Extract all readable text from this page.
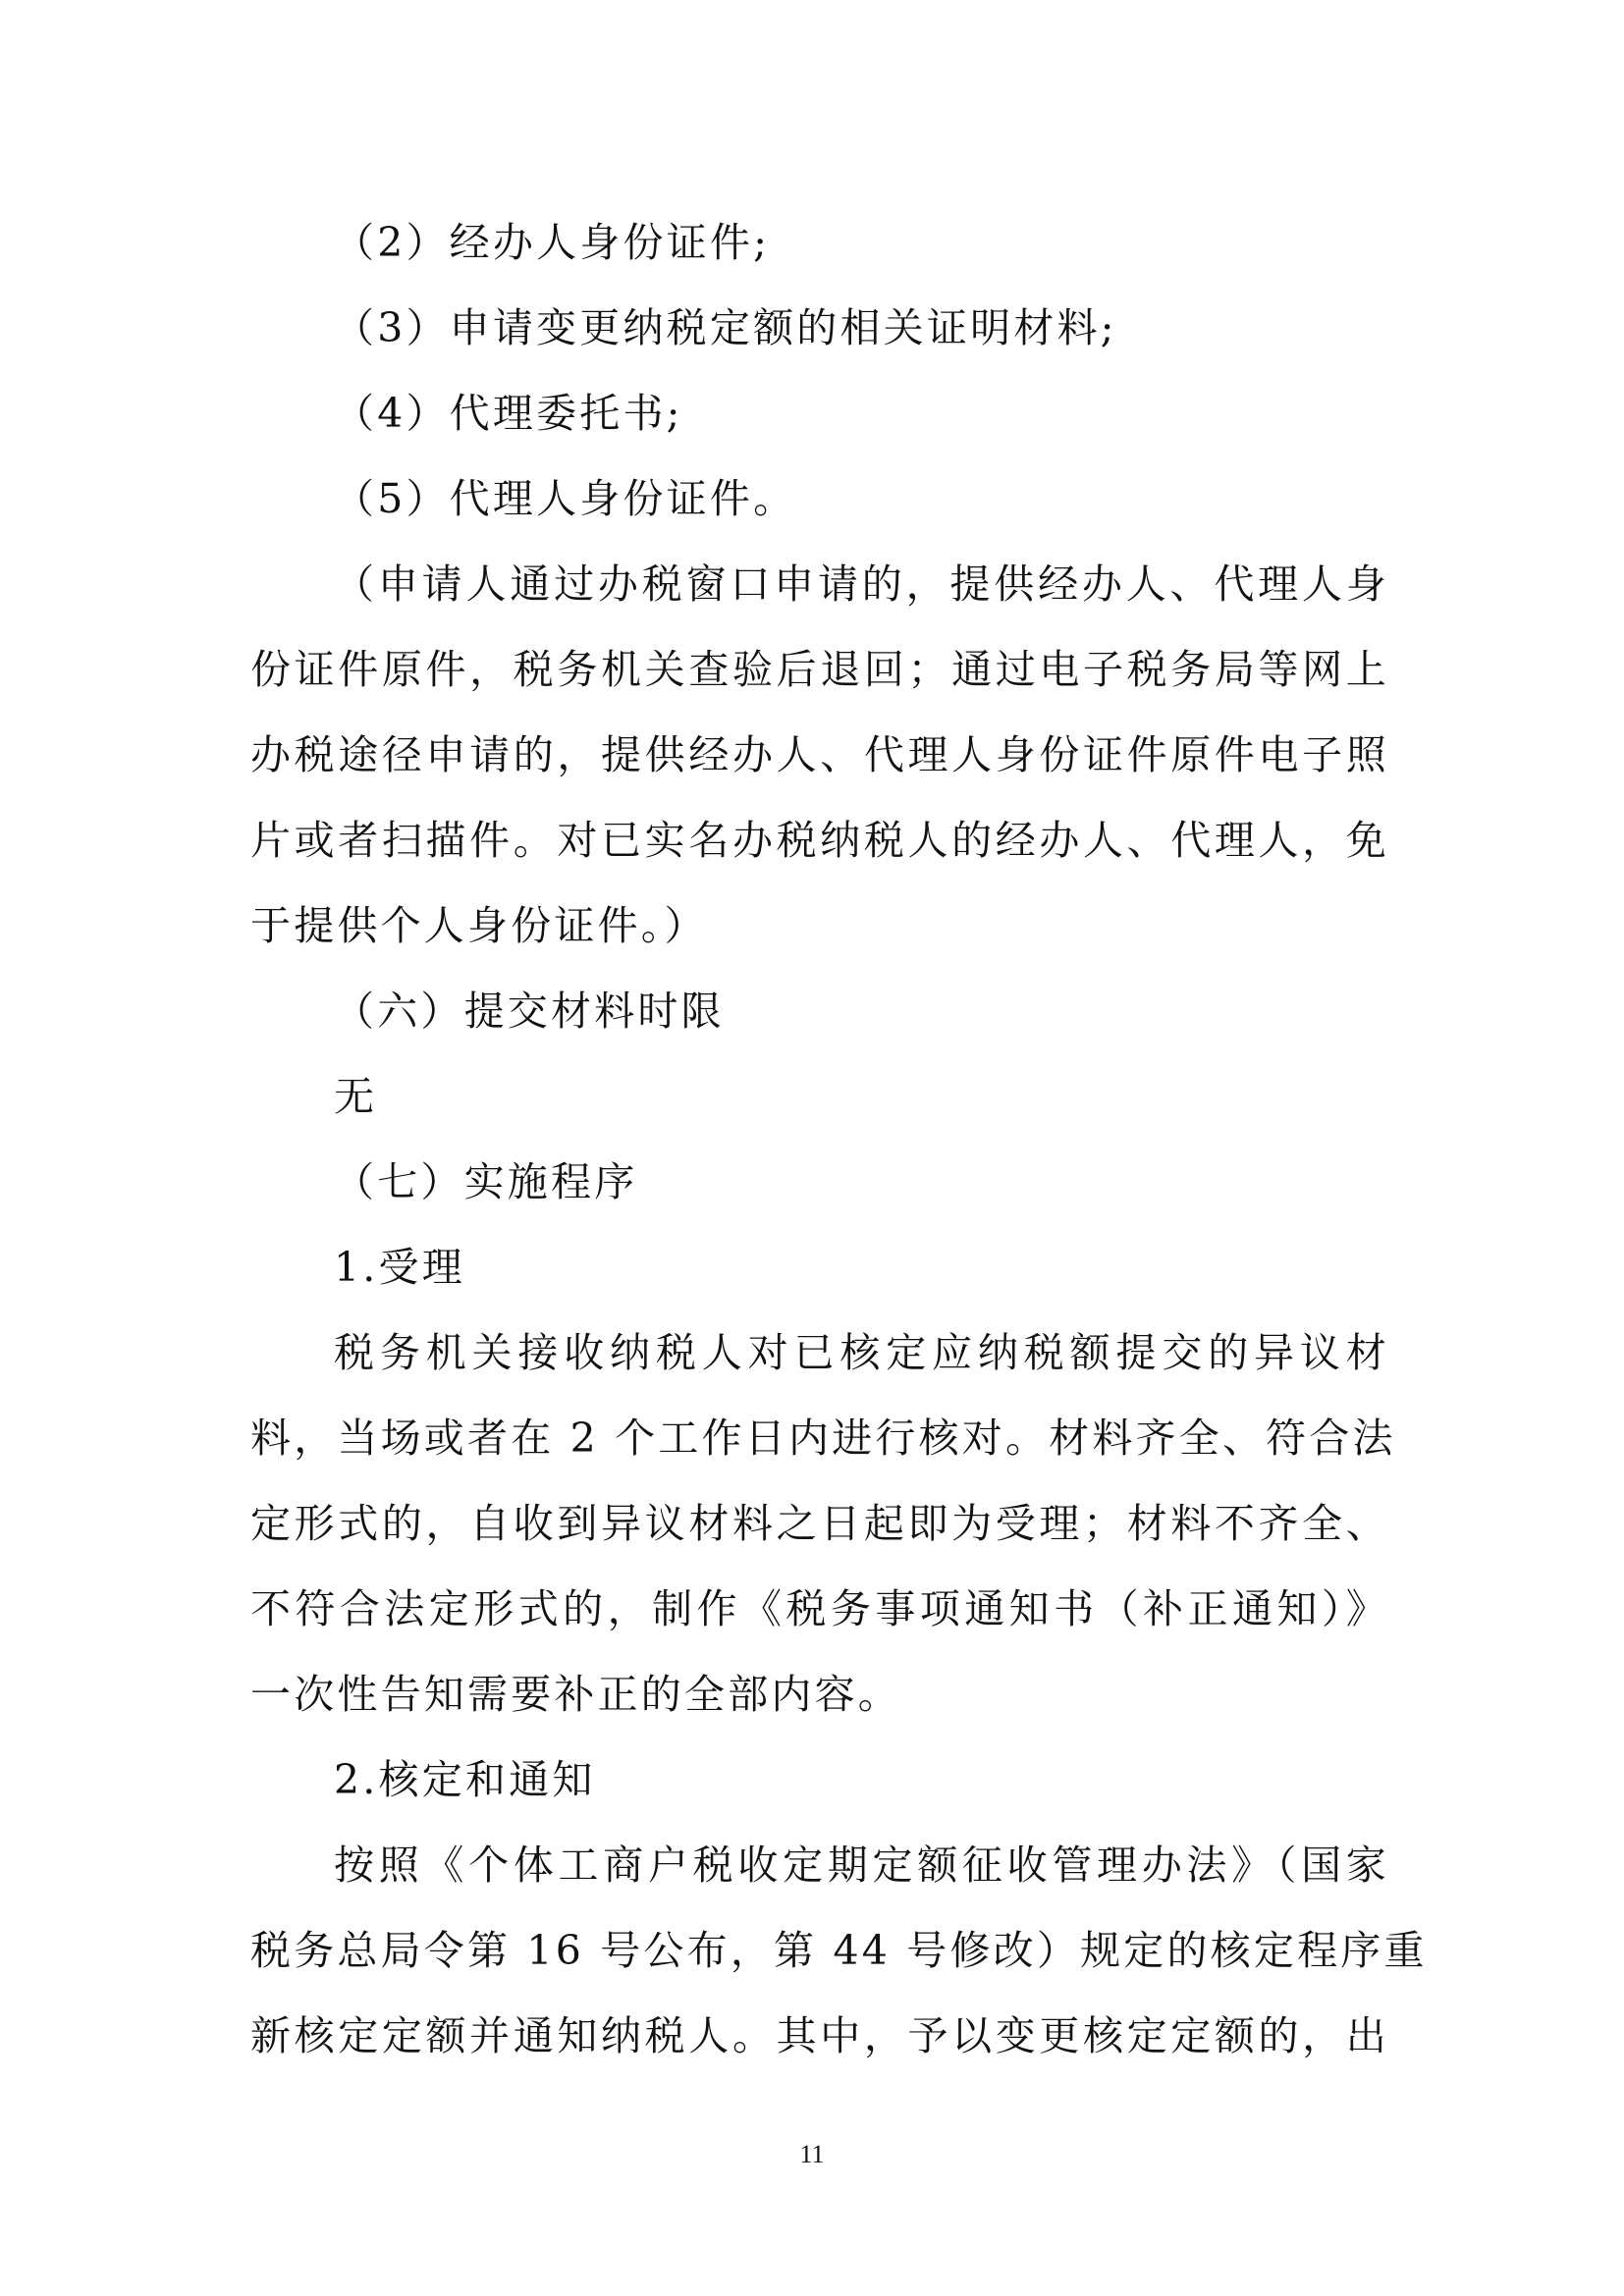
（2）经办人身份证件;
（3）申请变更纳税定额的相关证明材料;
（4）代理委托书;
（5）代理人身份证件。
（申请人通过办税窗口申请的，提供经办人、代理人身
份证件原件，税务机关查验后退回；通过电子税务局等网上
办税途径申请的，提供经办人、代理人身份证件原件电子照
片或者扫描件。对已实名办税纳税人的经办人、代理人，免
于提供个人身份证件。）
（六）提交材料时限
无
（七）实施程序
1.受理
税务机关接收纳税人对已核定应纳税额提交的异议材
料，当场或者在 2 个工作日内进行核对。材料齐全、符合法
定形式的，自收到异议材料之日起即为受理；材料不齐全、
不符合法定形式的，制作《税务事项通知书（补正通知）》
一次性告知需要补正的全部内容。
2.核定和通知
按照《个体工商户税收定期定额征收管理办法》（国家
税务总局令第 16 号公布，第 44 号修改）规定的核定程序重
新核定定额并通知纳税人。其中，予以变更核定定额的，出
11
